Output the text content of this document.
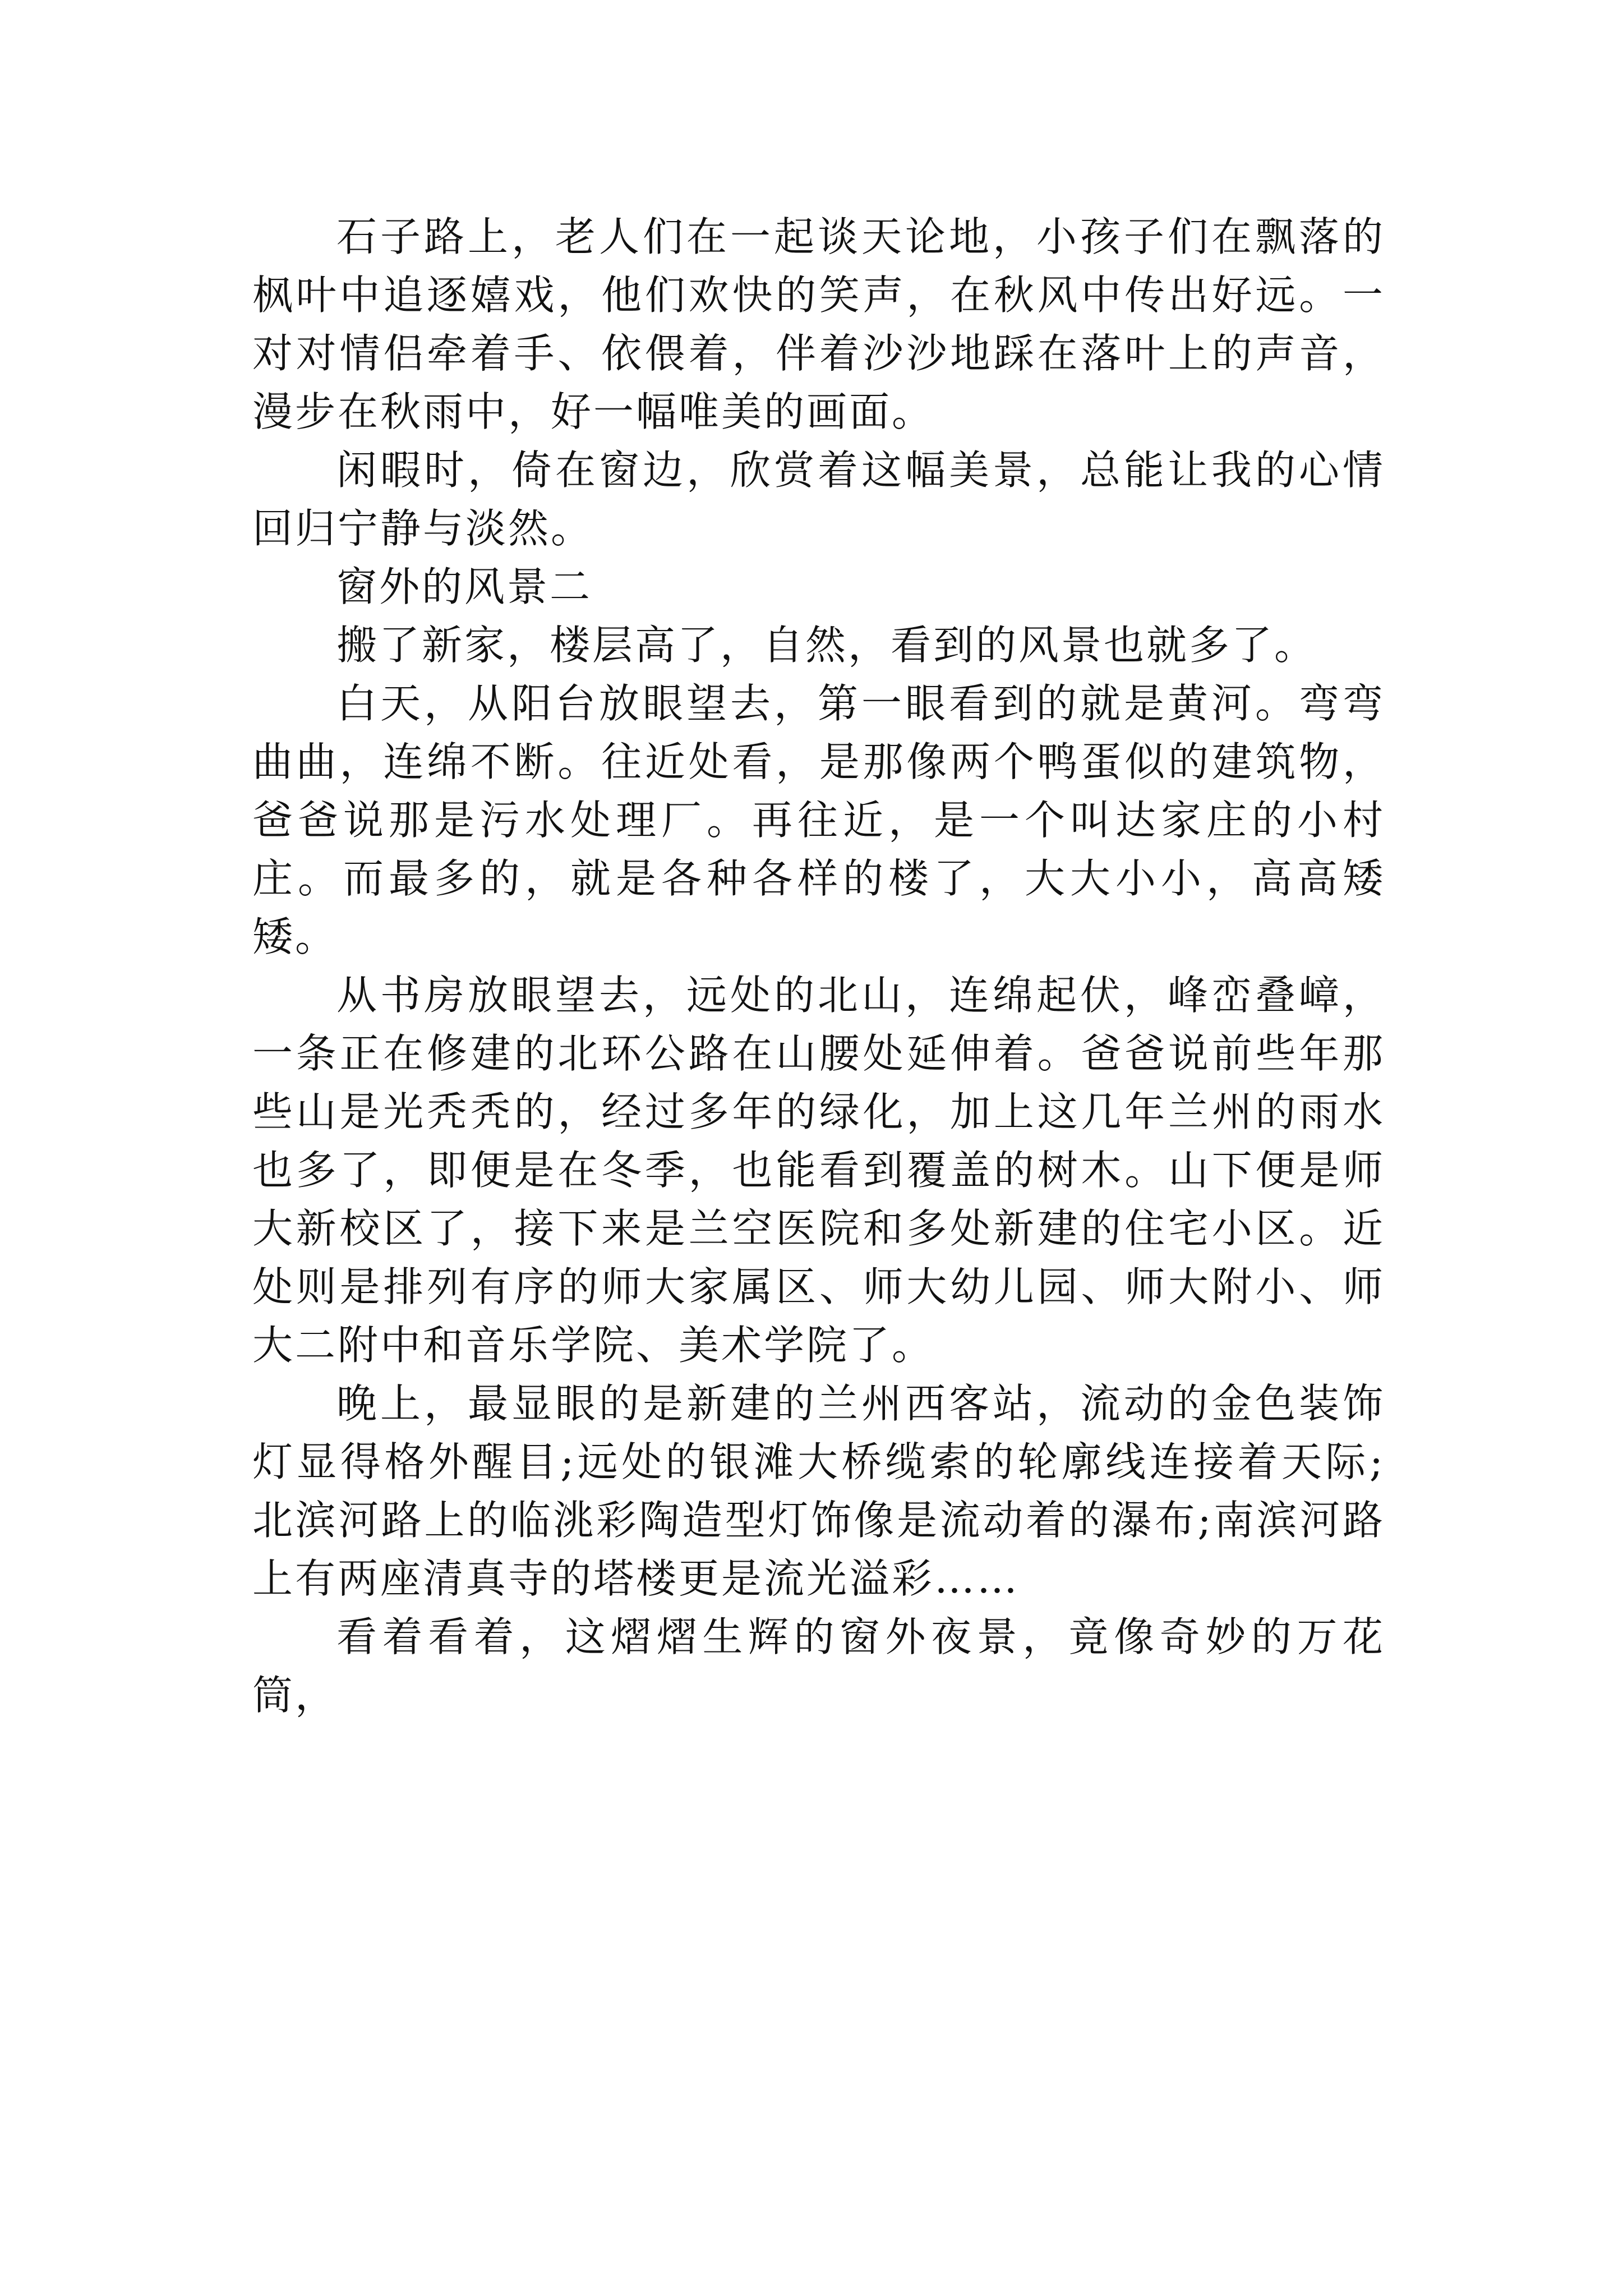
石子路上，老人们在一起谈天论地，小孩子们在飘落的枫叶中追逐嬉戏，他们欢快的笑声，在秋风中传出好远。一对对情侣牵着手、依偎着，伴着沙沙地踩在落叶上的声音，漫步在秋雨中，好一幅唯美的画面。

闲暇时，倚在窗边，欣赏着这幅美景，总能让我的心情回归宁静与淡然。

窗外的风景二

搬了新家，楼层高了，自然，看到的风景也就多了。

白天，从阳台放眼望去，第一眼看到的就是黄河。弯弯曲曲，连绵不断。往近处看，是那像两个鸭蛋似的建筑物，爸爸说那是污水处理厂。再往近，是一个叫达家庄的小村庄。而最多的，就是各种各样的楼了，大大小小，高高矮矮。

从书房放眼望去，远处的北山，连绵起伏，峰峦叠嶂，一条正在修建的北环公路在山腰处延伸着。爸爸说前些年那些山是光秃秃的，经过多年的绿化，加上这几年兰州的雨水也多了，即便是在冬季，也能看到覆盖的树木。山下便是师大新校区了，接下来是兰空医院和多处新建的住宅小区。近处则是排列有序的师大家属区、师大幼儿园、师大附小、师大二附中和音乐学院、美术学院了。

晚上，最显眼的是新建的兰州西客站，流动的金色装饰灯显得格外醒目;远处的银滩大桥缆索的轮廓线连接着天际;北滨河路上的临洮彩陶造型灯饰像是流动着的瀑布;南滨河路上有两座清真寺的塔楼更是流光溢彩……

看着看着，这熠熠生辉的窗外夜景，竟像奇妙的万花筒，
